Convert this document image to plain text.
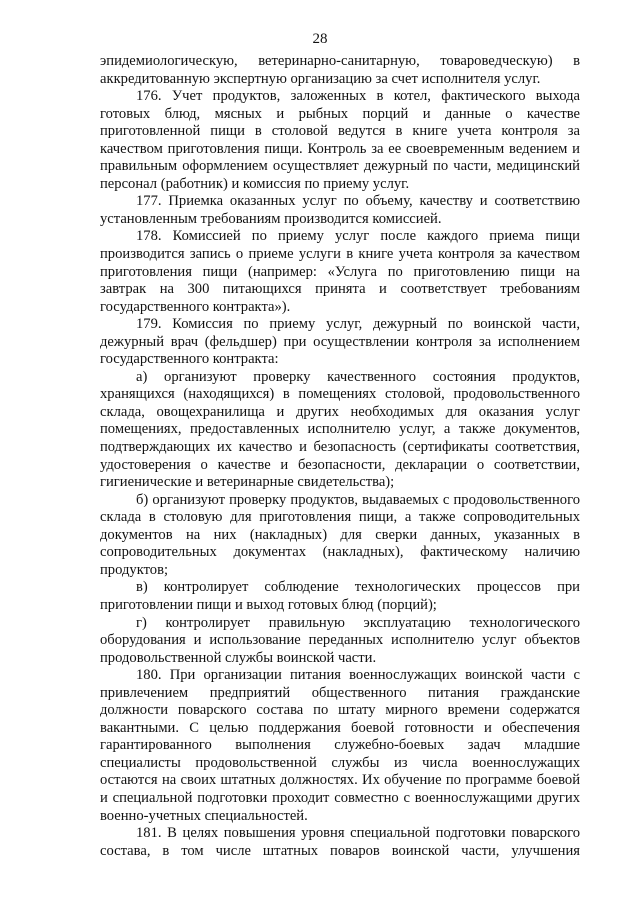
28

эпидемиологическую, ветеринарно-санитарную, товароведческую) в аккредитованную экспертную организацию за счет исполнителя услуг.

176. Учет продуктов, заложенных в котел, фактического выхода готовых блюд, мясных и рыбных порций и данные о качестве приготовленной пищи в столовой ведутся в книге учета контроля за качеством приготовления пищи. Контроль за ее своевременным ведением и правильным оформлением осуществляет дежурный по части, медицинский персонал (работник) и комиссия по приему услуг.

177. Приемка оказанных услуг по объему, качеству и соответствию установленным требованиям производится комиссией.

178. Комиссией по приему услуг после каждого приема пищи производится запись о приеме услуги в книге учета контроля за качеством приготовления пищи (например: «Услуга по приготовлению пищи на завтрак на 300 питающихся принята и соответствует требованиям государственного контракта»).

179. Комиссия по приему услуг, дежурный по воинской части, дежурный врач (фельдшер) при осуществлении контроля за исполнением государственного контракта:

а) организуют проверку качественного состояния продуктов, хранящихся (находящихся) в помещениях столовой, продовольственного склада, овощехранилища и других необходимых для оказания услуг помещениях, предоставленных исполнителю услуг, а также документов, подтверждающих их качество и безопасность (сертификаты соответствия, удостоверения о качестве и безопасности, декларации о соответствии, гигиенические и ветеринарные свидетельства);

б) организуют проверку продуктов, выдаваемых с продовольственного склада в столовую для приготовления пищи, а также сопроводительных документов на них (накладных) для сверки данных, указанных в сопроводительных документах (накладных), фактическому наличию продуктов;

в) контролирует соблюдение технологических процессов при приготовлении пищи и выход готовых блюд (порций);

г) контролирует правильную эксплуатацию технологического оборудования и использование переданных исполнителю услуг объектов продовольственной службы воинской части.

180. При организации питания военнослужащих воинской части с привлечением предприятий общественного питания гражданские должности поварского состава по штату мирного времени содержатся вакантными. С целью поддержания боевой готовности и обеспечения гарантированного выполнения служебно-боевых задач младшие специалисты продовольственной службы из числа военнослужащих остаются на своих штатных должностях. Их обучение по программе боевой и специальной подготовки проходит совместно с военнослужащими других военно-учетных специальностей.

181. В целях повышения уровня специальной подготовки поварского состава, в том числе штатных поваров воинской части, улучшения
